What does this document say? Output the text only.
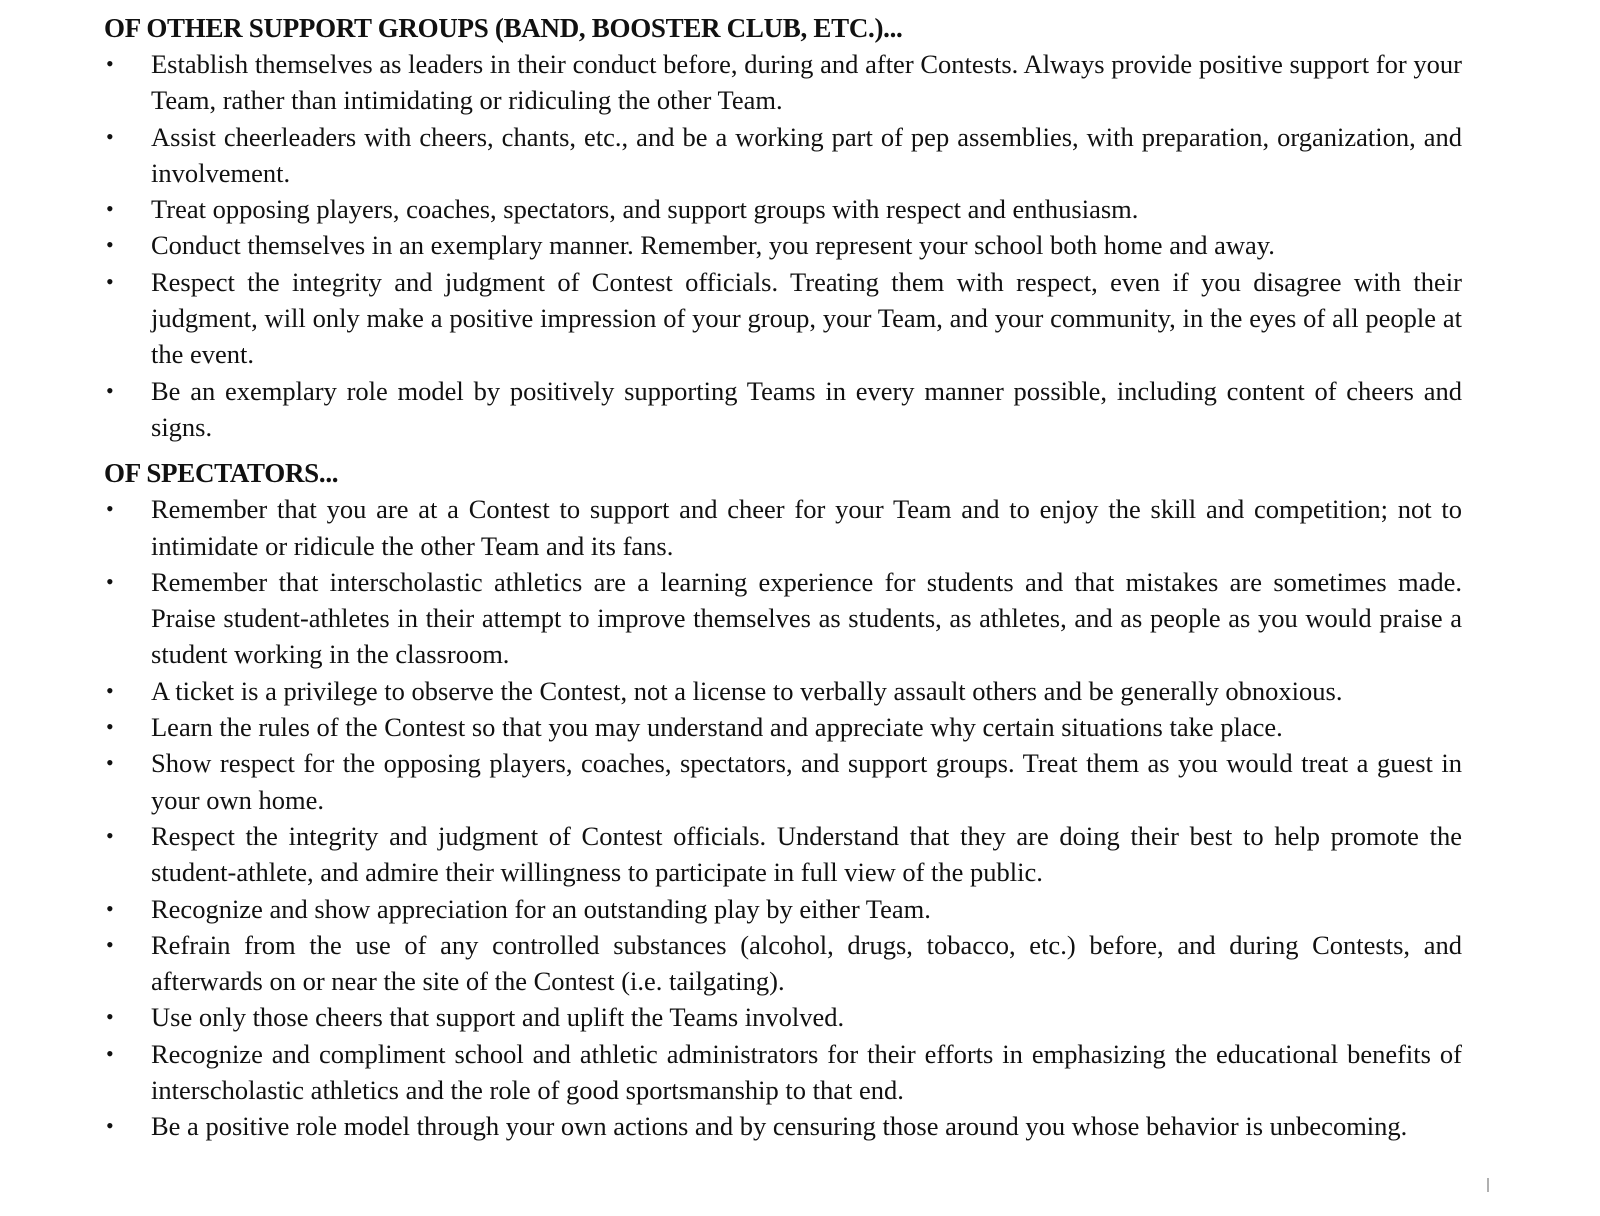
OF OTHER SUPPORT GROUPS (BAND, BOOSTER CLUB, ETC.)...
• Establish themselves as leaders in their conduct before, during and after Contests. Always provide positive support for your Team, rather than intimidating or ridiculing the other Team.
• Assist cheerleaders with cheers, chants, etc., and be a working part of pep assemblies, with preparation, organization, and involvement.
• Treat opposing players, coaches, spectators, and support groups with respect and enthusiasm.
• Conduct themselves in an exemplary manner. Remember, you represent your school both home and away.
• Respect the integrity and judgment of Contest officials. Treating them with respect, even if you disagree with their judgment, will only make a positive impression of your group, your Team, and your community, in the eyes of all people at the event.
• Be an exemplary role model by positively supporting Teams in every manner possible, including content of cheers and signs.
OF SPECTATORS...
• Remember that you are at a Contest to support and cheer for your Team and to enjoy the skill and competition; not to intimidate or ridicule the other Team and its fans.
• Remember that interscholastic athletics are a learning experience for students and that mistakes are sometimes made. Praise student-athletes in their attempt to improve themselves as students, as athletes, and as people as you would praise a student working in the classroom.
• A ticket is a privilege to observe the Contest, not a license to verbally assault others and be generally obnoxious.
• Learn the rules of the Contest so that you may understand and appreciate why certain situations take place.
• Show respect for the opposing players, coaches, spectators, and support groups. Treat them as you would treat a guest in your own home.
• Respect the integrity and judgment of Contest officials. Understand that they are doing their best to help promote the student-athlete, and admire their willingness to participate in full view of the public.
• Recognize and show appreciation for an outstanding play by either Team.
• Refrain from the use of any controlled substances (alcohol, drugs, tobacco, etc.) before, and during Contests, and afterwards on or near the site of the Contest (i.e. tailgating).
• Use only those cheers that support and uplift the Teams involved.
• Recognize and compliment school and athletic administrators for their efforts in emphasizing the educational benefits of interscholastic athletics and the role of good sportsmanship to that end.
• Be a positive role model through your own actions and by censuring those around you whose behavior is unbecoming.
